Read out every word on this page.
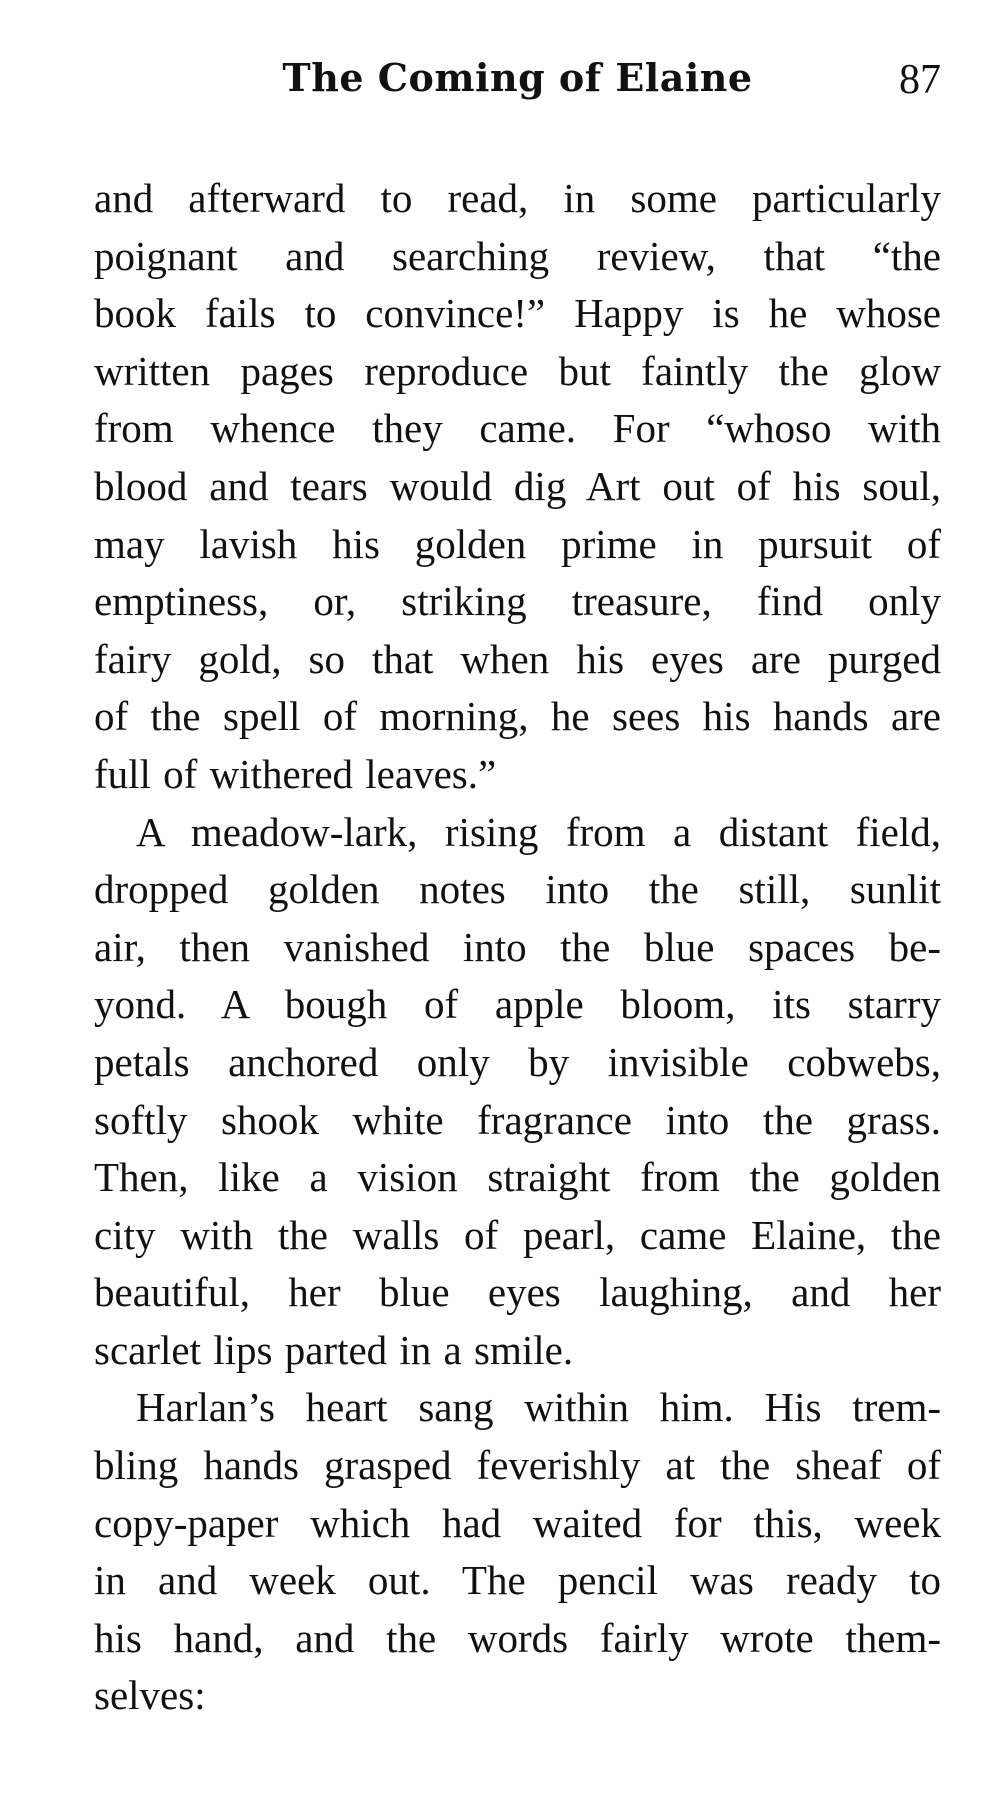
The Coming of Elaine	87

and afterward to read, in some particularly
poignant and searching review, that “the
book fails to convince!” Happy is he whose
written pages reproduce but faintly the glow
from whence they came. For “whoso with
blood and tears would dig Art out of his soul,
may lavish his golden prime in pursuit of
emptiness, or, striking treasure, find only
fairy gold, so that when his eyes are purged
of the spell of morning, he sees his hands are
full of withered leaves.”

A meadow-lark, rising from a distant field,
dropped golden notes into the still, sunlit
air, then vanished into the blue spaces be-
yond. A bough of apple bloom, its starry
petals anchored only by invisible cobwebs,
softly shook white fragrance into the grass.
Then, like a vision straight from the golden
city with the walls of pearl, came Elaine, the
beautiful, her blue eyes laughing, and her
scarlet lips parted in a smile.

Harlan’s heart sang within him. His trem-
bling hands grasped feverishly at the sheaf of
copy-paper which had waited for this, week
in and week out. The pencil was ready to
his hand, and the words fairly wrote them-
selves:
